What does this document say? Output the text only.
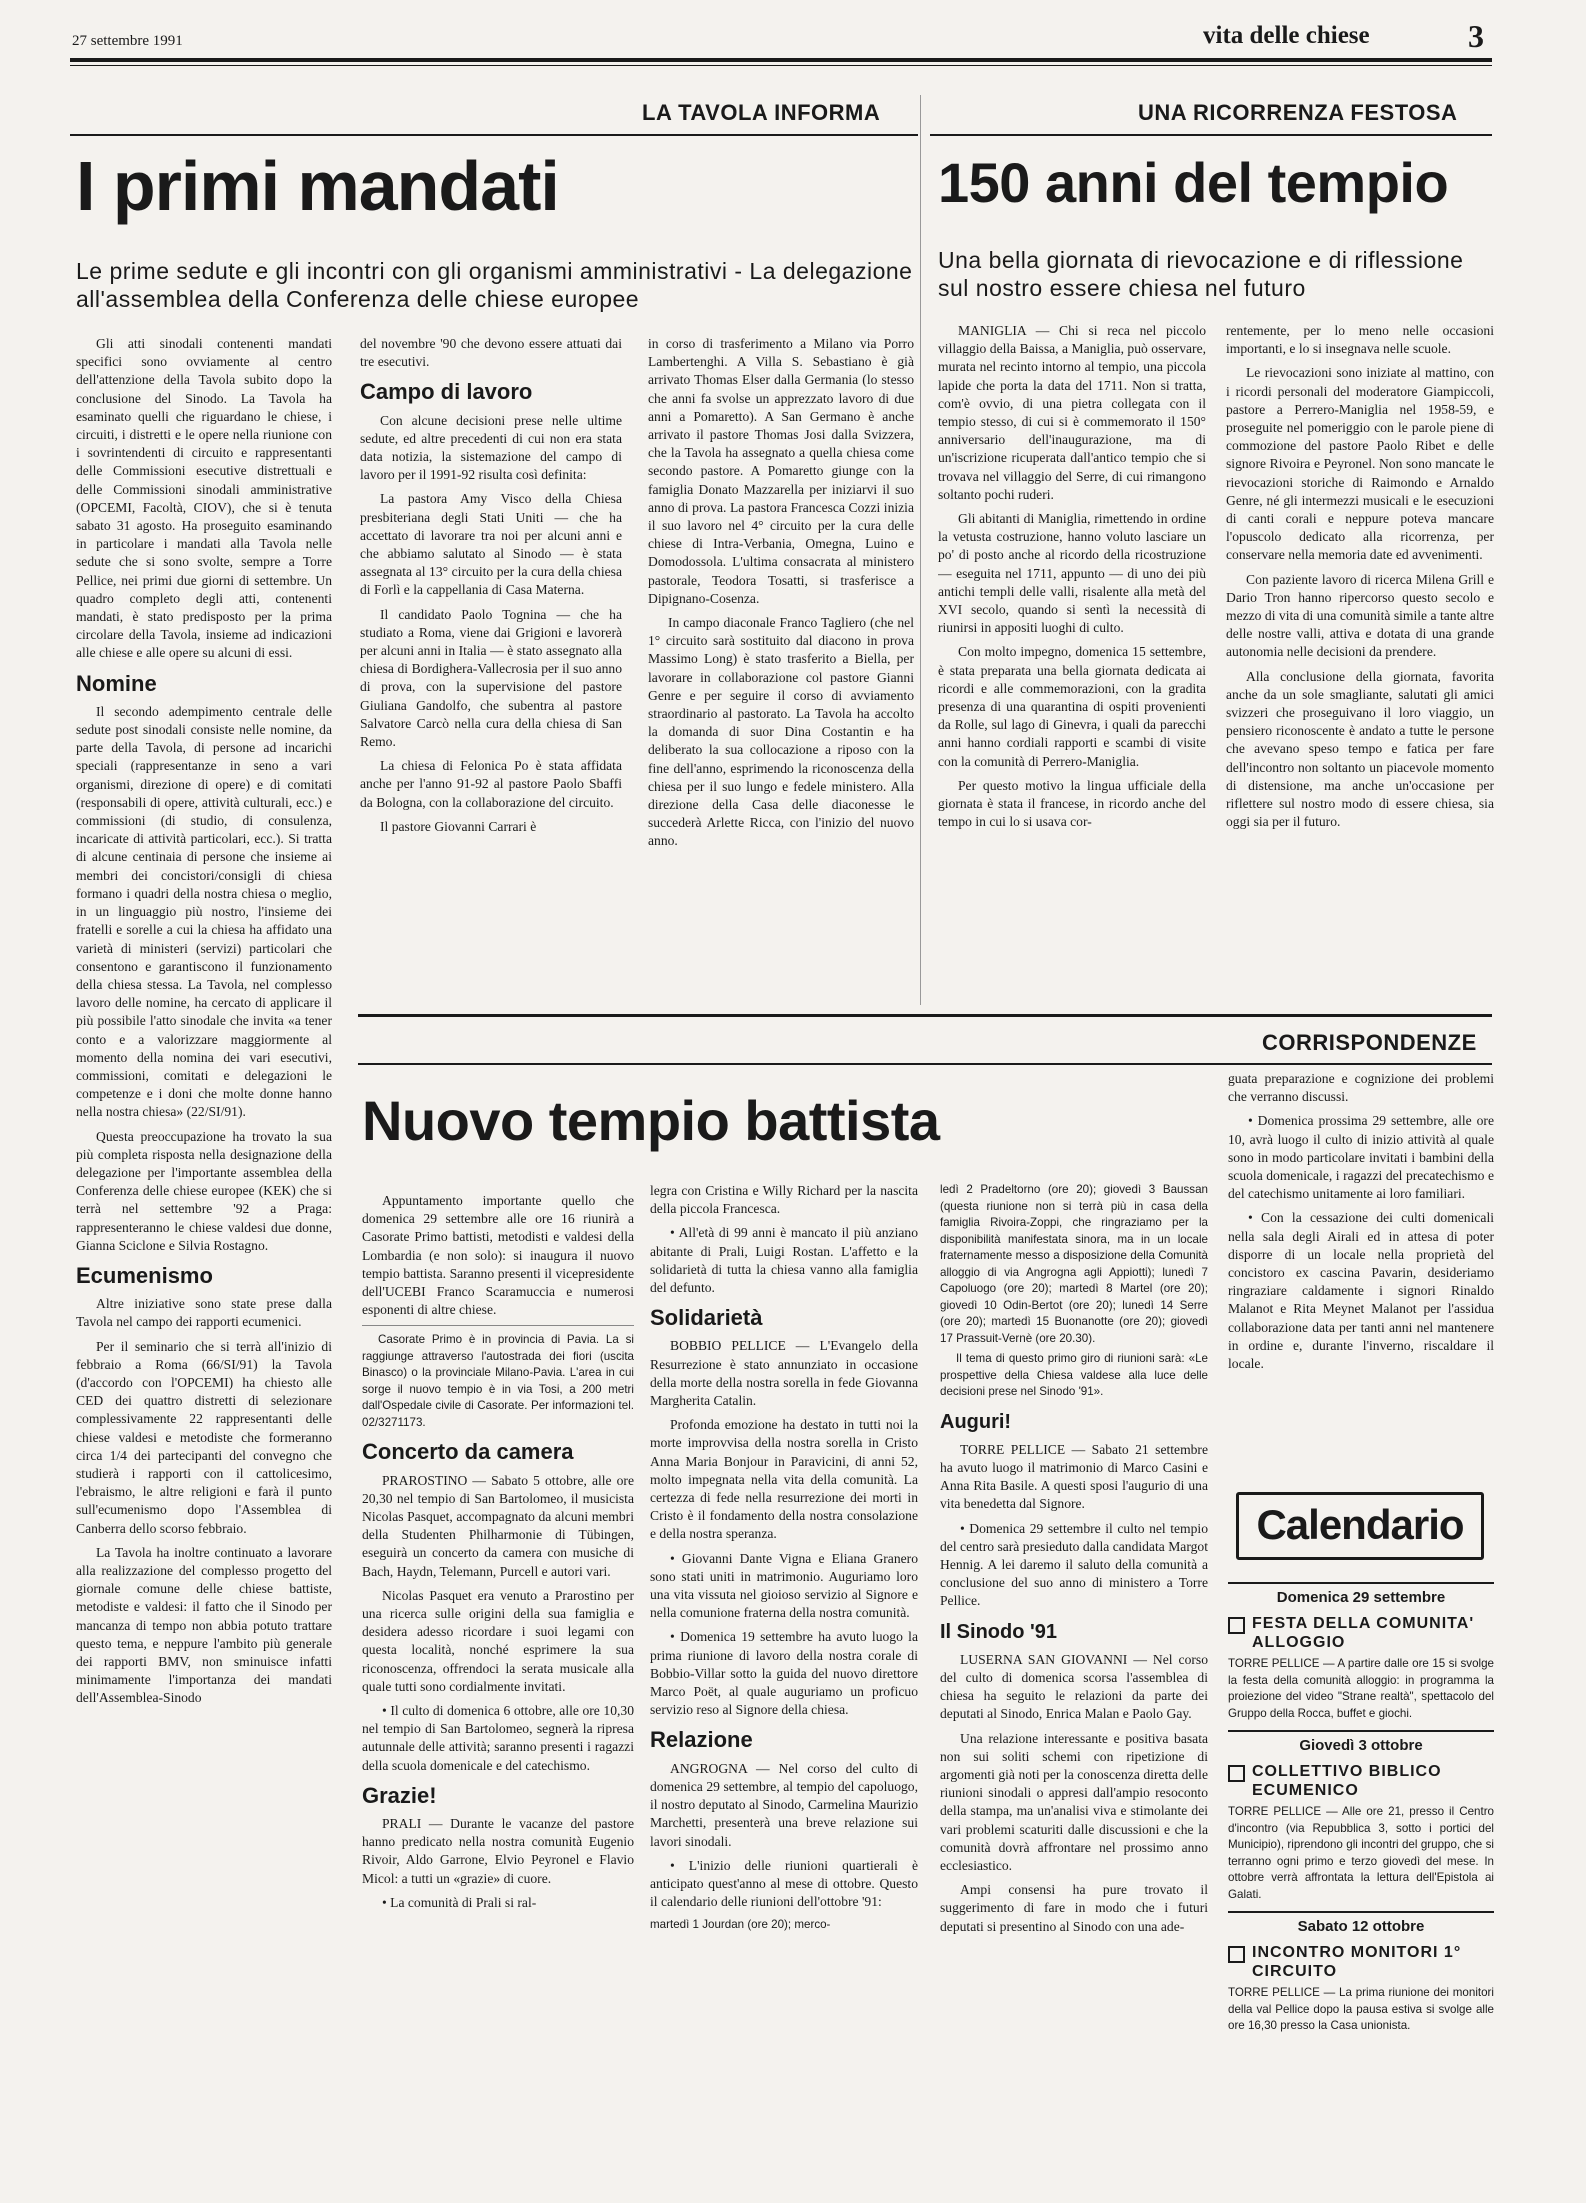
27 settembre 1991	vita delle chiese	3
LA TAVOLA INFORMA
I primi mandati
Le prime sedute e gli incontri con gli organismi amministrativi - La delegazione all'assemblea della Conferenza delle chiese europee

Gli atti sinodali contenenti mandati specifici sono ovviamente al centro dell'attenzione della Tavola subito dopo la conclusione del Sinodo. La Tavola ha esaminato quelli che riguardano le chiese, i circuiti, i distretti e le opere nella riunione con i sovrintendenti di circuito e rappresentanti delle Commissioni esecutive distrettuali e delle Commissioni sinodali amministrative (OPCEMI, Facoltà, CIOV), che si è tenuta sabato 31 agosto. Ha proseguito esaminando in particolare i mandati alla Tavola nelle sedute che si sono svolte, sempre a Torre Pellice, nei primi due giorni di settembre. Un quadro completo degli atti, contenenti mandati, è stato predisposto per la prima circolare della Tavola, insieme ad indicazioni alle chiese e alle opere su alcuni di essi.

Nomine

Il secondo adempimento centrale delle sedute post sinodali consiste nelle nomine, da parte della Tavola, di persone ad incarichi speciali (rappresentanze in seno a vari organismi, direzione di opere) e di comitati (responsabili di opere, attività culturali, ecc.) e commissioni (di studio, di consulenza, incaricate di attività particolari, ecc.). Si tratta di alcune centinaia di persone che insieme ai membri dei concistori/consigli di chiesa formano i quadri della nostra chiesa o meglio, in un linguaggio più nostro, l'insieme dei fratelli e sorelle a cui la chiesa ha affidato una varietà di ministeri (servizi) particolari che consentono e garantiscono il funzionamento della chiesa stessa. La Tavola, nel complesso lavoro delle nomine, ha cercato di applicare il più possibile l'atto sinodale che invita «a tener conto e a valorizzare maggiormente al momento della nomina dei vari esecutivi, commissioni, comitati e delegazioni le competenze e i doni che molte donne hanno nella nostra chiesa» (22/SI/91).

Questa preoccupazione ha trovato la sua più completa risposta nella designazione della delegazione per l'importante assemblea della Conferenza delle chiese europee (KEK) che si terrà nel settembre '92 a Praga: rappresenteranno le chiese valdesi due donne, Gianna Sciclone e Silvia Rostagno.

Ecumenismo

Altre iniziative sono state prese dalla Tavola nel campo dei rapporti ecumenici.

Per il seminario che si terrà all'inizio di febbraio a Roma (66/SI/91) la Tavola (d'accordo con l'OPCEMI) ha chiesto alle CED dei quattro distretti di selezionare complessivamente 22 rappresentanti delle chiese valdesi e metodiste che formeranno circa 1/4 dei partecipanti del convegno che studierà i rapporti con il cattolicesimo, l'ebraismo, le altre religioni e farà il punto sull'ecumenismo dopo l'Assemblea di Canberra dello scorso febbraio.

La Tavola ha inoltre continuato a lavorare alla realizzazione del complesso progetto del giornale comune delle chiese battiste, metodiste e valdesi: il fatto che il Sinodo per mancanza di tempo non abbia potuto trattare questo tema, e neppure l'ambito più generale dei rapporti BMV, non sminuisce infatti minimamente l'importanza dei mandati dell'Assemblea-Sinodo

del novembre '90 che devono essere attuati dai tre esecutivi.

Campo di lavoro

Con alcune decisioni prese nelle ultime sedute, ed altre precedenti di cui non era stata data notizia, la sistemazione del campo di lavoro per il 1991-92 risulta così definita:

La pastora Amy Visco della Chiesa presbiteriana degli Stati Uniti — che ha accettato di lavorare tra noi per alcuni anni e che abbiamo salutato al Sinodo — è stata assegnata al 13° circuito per la cura della chiesa di Forlì e la cappellania di Casa Materna.

Il candidato Paolo Tognina — che ha studiato a Roma, viene dai Grigioni e lavorerà per alcuni anni in Italia — è stato assegnato alla chiesa di Bordighera-Vallecrosia per il suo anno di prova, con la supervisione del pastore Giuliana Gandolfo, che subentra al pastore Salvatore Carcò nella cura della chiesa di San Remo.

La chiesa di Felonica Po è stata affidata anche per l'anno 91-92 al pastore Paolo Sbaffi da Bologna, con la collaborazione del circuito.

Il pastore Giovanni Carrari è

in corso di trasferimento a Milano via Porro Lambertenghi. A Villa S. Sebastiano è già arrivato Thomas Elser dalla Germania (lo stesso che anni fa svolse un apprezzato lavoro di due anni a Pomaretto). A San Germano è anche arrivato il pastore Thomas Josi dalla Svizzera, che la Tavola ha assegnato a quella chiesa come secondo pastore. A Pomaretto giunge con la famiglia Donato Mazzarella per iniziarvi il suo anno di prova. La pastora Francesca Cozzi inizia il suo lavoro nel 4° circuito per la cura delle chiese di Intra-Verbania, Omegna, Luino e Domodossola. L'ultima consacrata al ministero pastorale, Teodora Tosatti, si trasferisce a Dipignano-Cosenza.

In campo diaconale Franco Tagliero (che nel 1° circuito sarà sostituito dal diacono in prova Massimo Long) è stato trasferito a Biella, per lavorare in collaborazione col pastore Gianni Genre e per seguire il corso di avviamento straordinario al pastorato. La Tavola ha accolto la domanda di suor Dina Costantin e ha deliberato la sua collocazione a riposo con la fine dell'anno, esprimendo la riconoscenza della chiesa per il suo lungo e fedele ministero. Alla direzione della Casa delle diaconesse le succederà Arlette Ricca, con l'inizio del nuovo anno.

UNA RICORRENZA FESTOSA
150 anni del tempio
Una bella giornata di rievocazione e di riflessione sul nostro essere chiesa nel futuro

MANIGLIA — Chi si reca nel piccolo villaggio della Baissa, a Maniglia, può osservare, murata nel recinto intorno al tempio, una piccola lapide che porta la data del 1711. Non si tratta, com'è ovvio, di una pietra collegata con il tempio stesso, di cui si è commemorato il 150° anniversario dell'inaugurazione, ma di un'iscrizione ricuperata dall'antico tempio che si trovava nel villaggio del Serre, di cui rimangono soltanto pochi ruderi.

Gli abitanti di Maniglia, rimettendo in ordine la vetusta costruzione, hanno voluto lasciare un po' di posto anche al ricordo della ricostruzione — eseguita nel 1711, appunto — di uno dei più antichi templi delle valli, risalente alla metà del XVI secolo, quando si sentì la necessità di riunirsi in appositi luoghi di culto.

Con molto impegno, domenica 15 settembre, è stata preparata una bella giornata dedicata ai ricordi e alle commemorazioni, con la gradita presenza di una quarantina di ospiti provenienti da Rolle, sul lago di Ginevra, i quali da parecchi anni hanno cordiali rapporti e scambi di visite con la comunità di Perrero-Maniglia.

Per questo motivo la lingua ufficiale della giornata è stata il francese, in ricordo anche del tempo in cui lo si usava cor-

rentemente, per lo meno nelle occasioni importanti, e lo si insegnava nelle scuole.

Le rievocazioni sono iniziate al mattino, con i ricordi personali del moderatore Giampiccoli, pastore a Perrero-Maniglia nel 1958-59, e proseguite nel pomeriggio con le parole piene di commozione del pastore Paolo Ribet e delle signore Rivoira e Peyronel. Non sono mancate le rievocazioni storiche di Raimondo e Arnaldo Genre, né gli intermezzi musicali e le esecuzioni di canti corali e neppure poteva mancare l'opuscolo dedicato alla ricorrenza, per conservare nella memoria date ed avvenimenti.

Con paziente lavoro di ricerca Milena Grill e Dario Tron hanno ripercorso questo secolo e mezzo di vita di una comunità simile a tante altre delle nostre valli, attiva e dotata di una grande autonomia nelle decisioni da prendere.

Alla conclusione della giornata, favorita anche da un sole smagliante, salutati gli amici svizzeri che proseguivano il loro viaggio, un pensiero riconoscente è andato a tutte le persone che avevano speso tempo e fatica per fare dell'incontro non soltanto un piacevole momento di distensione, ma anche un'occasione per riflettere sul nostro modo di essere chiesa, sia oggi sia per il futuro.

CORRISPONDENZE
Nuovo tempio battista

Appuntamento importante quello che domenica 29 settembre alle ore 16 riunirà a Casorate Primo battisti, metodisti e valdesi della Lombardia (e non solo): si inaugura il nuovo tempio battista. Saranno presenti il vicepresidente dell'UCEBI Franco Scaramuccia e numerosi esponenti di altre chiese.

Casorate Primo è in provincia di Pavia. La si raggiunge attraverso l'autostrada dei fiori (uscita Binasco) o la provinciale Milano-Pavia. L'area in cui sorge il nuovo tempio è in via Tosi, a 200 metri dall'Ospedale civile di Casorate. Per informazioni tel. 02/3271173.

Concerto da camera

PRAROSTINO — Sabato 5 ottobre, alle ore 20,30 nel tempio di San Bartolomeo, il musicista Nicolas Pasquet, accompagnato da alcuni membri della Studenten Philharmonie di Tübingen, eseguirà un concerto da camera con musiche di Bach, Haydn, Telemann, Purcell e autori vari.

Nicolas Pasquet era venuto a Prarostino per una ricerca sulle origini della sua famiglia e desidera adesso ricordare i suoi legami con questa località, nonché esprimere la sua riconoscenza, offrendoci la serata musicale alla quale tutti sono cordialmente invitati.

• Il culto di domenica 6 ottobre, alle ore 10,30 nel tempio di San Bartolomeo, segnerà la ripresa autunnale delle attività; saranno presenti i ragazzi della scuola domenicale e del catechismo.

Grazie!

PRALI — Durante le vacanze del pastore hanno predicato nella nostra comunità Eugenio Rivoir, Aldo Garrone, Elvio Peyronel e Flavio Micol: a tutti un «grazie» di cuore.

• La comunità di Prali si ral-

legra con Cristina e Willy Richard per la nascita della piccola Francesca.

• All'età di 99 anni è mancato il più anziano abitante di Prali, Luigi Rostan. L'affetto e la solidarietà di tutta la chiesa vanno alla famiglia del defunto.

Solidarietà

BOBBIO PELLICE — L'Evangelo della Resurrezione è stato annunziato in occasione della morte della nostra sorella in fede Giovanna Margherita Catalin.

Profonda emozione ha destato in tutti noi la morte improvvisa della nostra sorella in Cristo Anna Maria Bonjour in Paravicini, di anni 52, molto impegnata nella vita della comunità. La certezza di fede nella resurrezione dei morti in Cristo è il fondamento della nostra consolazione e della nostra speranza.

• Giovanni Dante Vigna e Eliana Granero sono stati uniti in matrimonio. Auguriamo loro una vita vissuta nel gioioso servizio al Signore e nella comunione fraterna della nostra comunità.

• Domenica 19 settembre ha avuto luogo la prima riunione di lavoro della nostra corale di Bobbio-Villar sotto la guida del nuovo direttore Marco Poët, al quale auguriamo un proficuo servizio reso al Signore della chiesa.

Relazione

ANGROGNA — Nel corso del culto di domenica 29 settembre, al tempio del capoluogo, il nostro deputato al Sinodo, Carmelina Maurizio Marchetti, presenterà una breve relazione sui lavori sinodali.

• L'inizio delle riunioni quartierali è anticipato quest'anno al mese di ottobre. Questo il calendario delle riunioni dell'ottobre '91:

martedì 1 Jourdan (ore 20); merco-

ledì 2 Pradeltorno (ore 20); giovedì 3 Baussan (questa riunione non si terrà più in casa della famiglia Rivoira-Zoppi, che ringraziamo per la disponibilità manifestata sinora, ma in un locale fraternamente messo a disposizione della Comunità alloggio di via Angrogna agli Appiotti); lunedì 7 Capoluogo (ore 20); martedì 8 Martel (ore 20); giovedì 10 Odin-Bertot (ore 20); lunedì 14 Serre (ore 20); martedì 15 Buonanotte (ore 20); giovedì 17 Prassuit-Vernè (ore 20.30).

Il tema di questo primo giro di riunioni sarà: «Le prospettive della Chiesa valdese alla luce delle decisioni prese nel Sinodo '91».

Auguri!

TORRE PELLICE — Sabato 21 settembre ha avuto luogo il matrimonio di Marco Casini e Anna Rita Basile. A questi sposi l'augurio di una vita benedetta dal Signore.

• Domenica 29 settembre il culto nel tempio del centro sarà presieduto dalla candidata Margot Hennig. A lei daremo il saluto della comunità a conclusione del suo anno di ministero a Torre Pellice.

Il Sinodo '91

LUSERNA SAN GIOVANNI — Nel corso del culto di domenica scorsa l'assemblea di chiesa ha seguito le relazioni da parte dei deputati al Sinodo, Enrica Malan e Paolo Gay.

Una relazione interessante e positiva basata non sui soliti schemi con ripetizione di argomenti già noti per la conoscenza diretta delle riunioni sinodali o appresi dall'ampio resoconto della stampa, ma un'analisi viva e stimolante dei vari problemi scaturiti dalle discussioni e che la comunità dovrà affrontare nel prossimo anno ecclesiastico.

Ampi consensi ha pure trovato il suggerimento di fare in modo che i futuri deputati si presentino al Sinodo con una ade-

guata preparazione e cognizione dei problemi che verranno discussi.

• Domenica prossima 29 settembre, alle ore 10, avrà luogo il culto di inizio attività al quale sono in modo particolare invitati i bambini della scuola domenicale, i ragazzi del precatechismo e del catechismo unitamente ai loro familiari.

• Con la cessazione dei culti domenicali nella sala degli Airali ed in attesa di poter disporre di un locale nella proprietà del concistoro ex cascina Pavarin, desideriamo ringraziare caldamente i signori Rinaldo Malanot e Rita Meynet Malanot per l'assidua collaborazione data per tanti anni nel mantenere in ordine e, durante l'inverno, riscaldare il locale.

Calendario
Domenica 29 settembre
FESTA DELLA COMUNITA' ALLOGGIO
TORRE PELLICE — A partire dalle ore 15 si svolge la festa della comunità alloggio: in programma la proiezione del video "Strane realtà", spettacolo del Gruppo della Rocca, buffet e giochi.
Giovedì 3 ottobre
COLLETTIVO BIBLICO ECUMENICO
TORRE PELLICE — Alle ore 21, presso il Centro d'incontro (via Repubblica 3, sotto i portici del Municipio), riprendono gli incontri del gruppo, che si terranno ogni primo e terzo giovedì del mese. In ottobre verrà affrontata la lettura dell'Epistola ai Galati.
Sabato 12 ottobre
INCONTRO MONITORI 1° CIRCUITO
TORRE PELLICE — La prima riunione dei monitori della val Pellice dopo la pausa estiva si svolge alle ore 16,30 presso la Casa unionista.
